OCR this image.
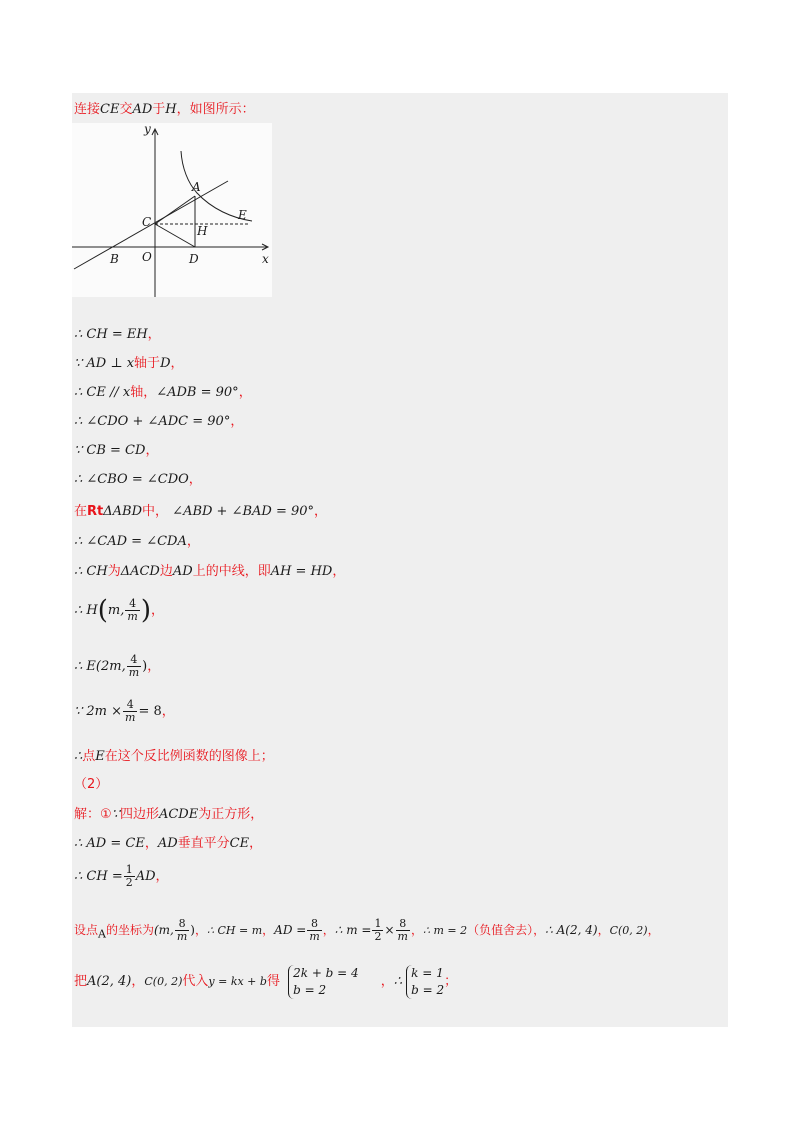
连接CE交AD于H，如图所示：
y
x
A
C	E
H
B O	D
∴ CH = EH，
∵ AD ⊥ x轴于D，
∴ CE // x轴，∠ADB = 90°，
∴ ∠CDO + ∠ADC = 90°，
∵ CB = CD，
∴ ∠CBO = ∠CDO，
在RtΔABD中， ∠ABD + ∠BAD = 90°，
∴ ∠CAD = ∠CDA，
∴ CH为ΔACD边AD上的中线，即AH = HD，
∴ H(m, $\frac{4}{m}$ )，
∴ E(2m, $\frac{4}{m}$ )，
∵ $2m \times \frac{4}{m} = 8$，
∴点E在这个反比例函数的图像上；
（2）
解：①∵四边形ACDE为正方形，
∴ AD = CE，AD垂直平分CE，
∴ CH = $\frac{1}{2}$ AD，
设点$_A$的坐标为(m, $\frac{8}{m}$ )，∴ CH = m，AD = $\frac{8}{m}$ ，∴ $m = \frac{1}{2} \times \frac{8}{m}$ ，∴ m = 2（负值舍去），∴ A(2, 4)，C(0, 2)，
把A(2, 4)，C(0, 2)代入y = kx + b得
2k + b = 4
b = 2
，∴
k = 1
b = 2
；
